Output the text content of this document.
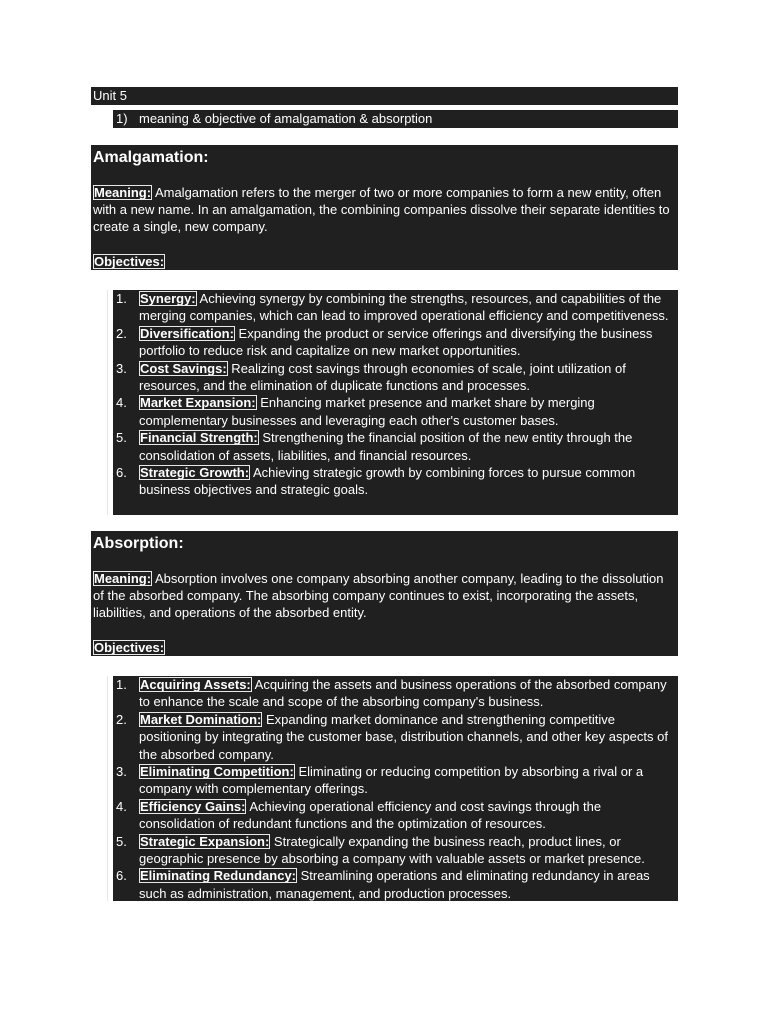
Unit 5
1) meaning & objective of amalgamation & absorption
Amalgamation:

Meaning: Amalgamation refers to the merger of two or more companies to form a new entity, often with a new name. In an amalgamation, the combining companies dissolve their separate identities to create a single, new company.

Objectives:

1. Synergy: Achieving synergy by combining the strengths, resources, and capabilities of the merging companies, which can lead to improved operational efficiency and competitiveness.
2. Diversification: Expanding the product or service offerings and diversifying the business portfolio to reduce risk and capitalize on new market opportunities.
3. Cost Savings: Realizing cost savings through economies of scale, joint utilization of resources, and the elimination of duplicate functions and processes.
4. Market Expansion: Enhancing market presence and market share by merging complementary businesses and leveraging each other's customer bases.
5. Financial Strength: Strengthening the financial position of the new entity through the consolidation of assets, liabilities, and financial resources.
6. Strategic Growth: Achieving strategic growth by combining forces to pursue common business objectives and strategic goals.
Absorption:

Meaning: Absorption involves one company absorbing another company, leading to the dissolution of the absorbed company. The absorbing company continues to exist, incorporating the assets, liabilities, and operations of the absorbed entity.

Objectives:

1. Acquiring Assets: Acquiring the assets and business operations of the absorbed company to enhance the scale and scope of the absorbing company's business.
2. Market Domination: Expanding market dominance and strengthening competitive positioning by integrating the customer base, distribution channels, and other key aspects of the absorbed company.
3. Eliminating Competition: Eliminating or reducing competition by absorbing a rival or a company with complementary offerings.
4. Efficiency Gains: Achieving operational efficiency and cost savings through the consolidation of redundant functions and the optimization of resources.
5. Strategic Expansion: Strategically expanding the business reach, product lines, or geographic presence by absorbing a company with valuable assets or market presence.
6. Eliminating Redundancy: Streamlining operations and eliminating redundancy in areas such as administration, management, and production processes.
